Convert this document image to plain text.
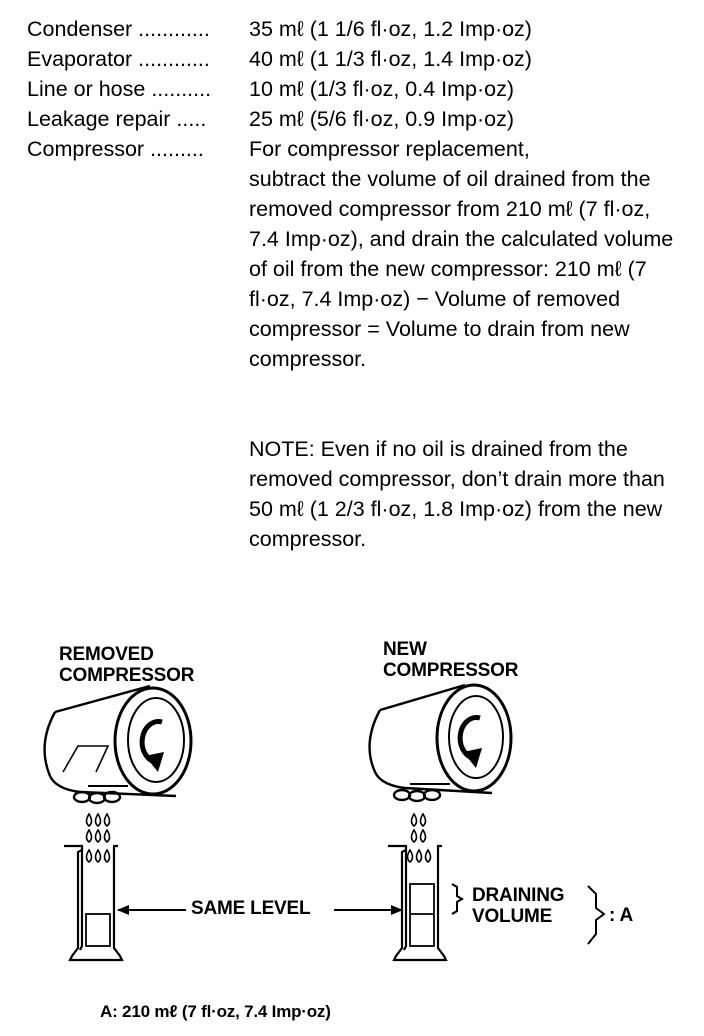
Condenser ............ 35 mℓ (1 1/6 fl·oz, 1.2 Imp·oz)
Evaporator ............ 40 mℓ (1 1/3 fl·oz, 1.4 Imp·oz)
Line or hose .......... 10 mℓ (1/3 fl·oz, 0.4 Imp·oz)
Leakage repair ..... 25 mℓ (5/6 fl·oz, 0.9 Imp·oz)
Compressor ......... For compressor replacement,

subtract the volume of oil drained from the removed compressor from 210 mℓ (7 fl·oz, 7.4 Imp·oz), and drain the calculated volume of oil from the new compressor: 210 mℓ (7 fl·oz, 7.4 Imp·oz) − Volume of removed compressor = Volume to drain from new compressor.

NOTE: Even if no oil is drained from the removed compressor, don’t drain more than 50 mℓ (1 2/3 fl·oz, 1.8 Imp·oz) from the new compressor.

REMOVED
COMPRESSOR
NEW
COMPRESSOR
SAME LEVEL
DRAINING
VOLUME	: A
A: 210 mℓ (7 fl·oz, 7.4 Imp·oz)
